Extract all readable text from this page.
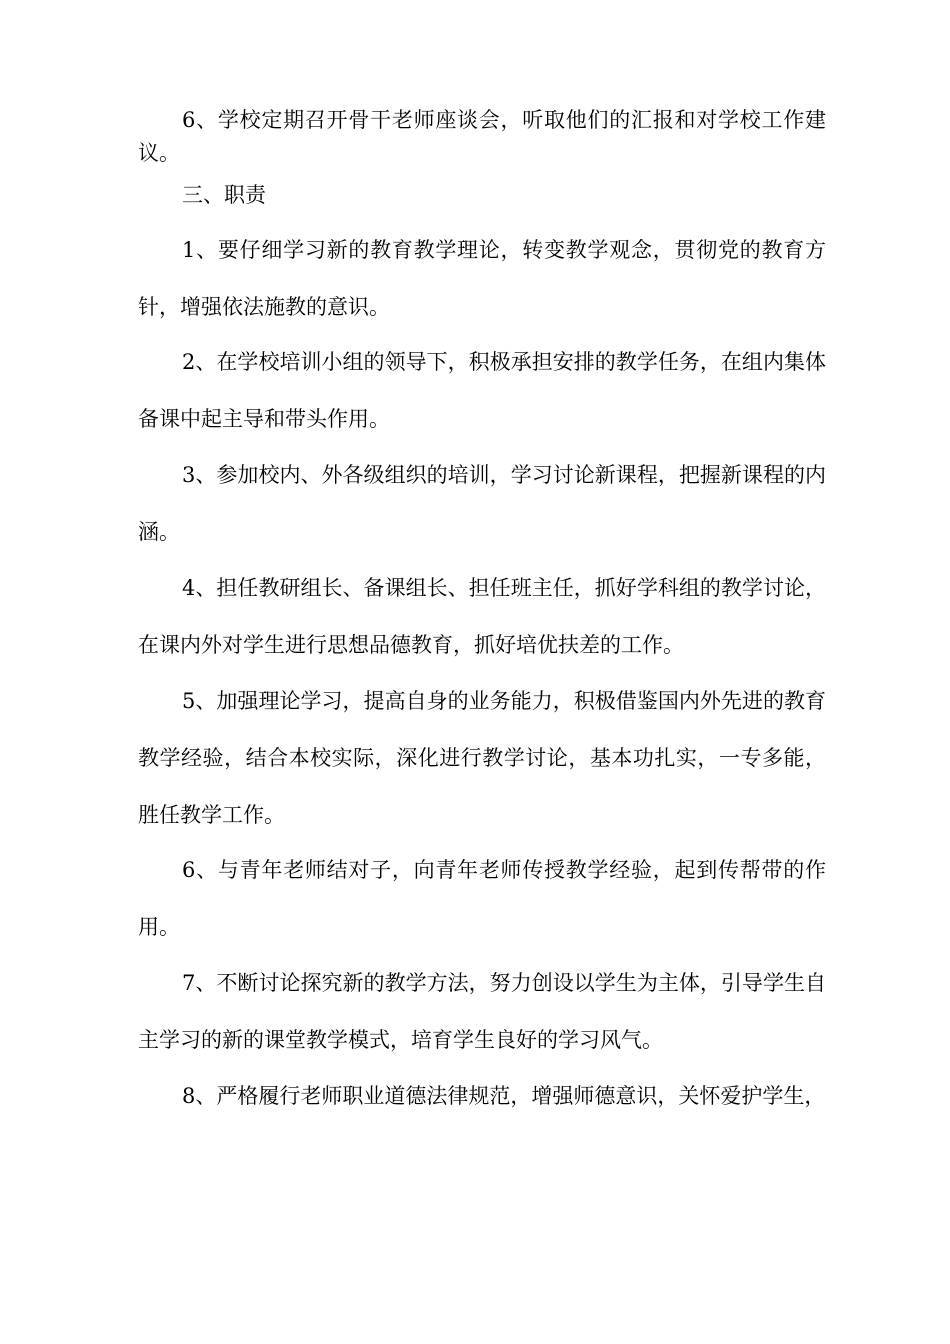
6、学校定期召开骨干老师座谈会，听取他们的汇报和对学校工作建议。

三、职责

1、要仔细学习新的教育教学理论，转变教学观念，贯彻党的教育方针，增强依法施教的意识。

2、在学校培训小组的领导下，积极承担安排的教学任务，在组内集体备课中起主导和带头作用。

3、参加校内、外各级组织的培训，学习讨论新课程，把握新课程的内涵。

4、担任教研组长、备课组长、担任班主任，抓好学科组的教学讨论，在课内外对学生进行思想品德教育，抓好培优扶差的工作。

5、加强理论学习，提高自身的业务能力，积极借鉴国内外先进的教育教学经验，结合本校实际，深化进行教学讨论，基本功扎实，一专多能，胜任教学工作。

6、与青年老师结对子，向青年老师传授教学经验，起到传帮带的作用。

7、不断讨论探究新的教学方法，努力创设以学生为主体，引导学生自主学习的新的课堂教学模式，培育学生良好的学习风气。

8、严格履行老师职业道德法律规范，增强师德意识，关怀爱护学生，
